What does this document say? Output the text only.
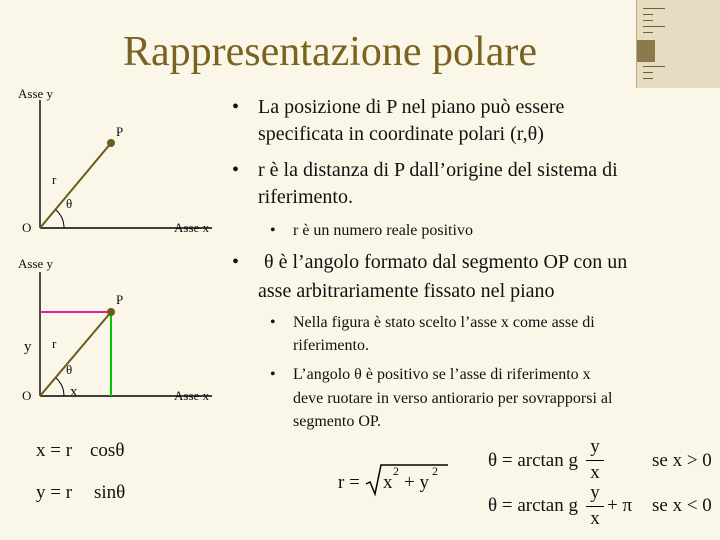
Rappresentazione polare
Asse y
P
r
θ
O	Asse x
Asse y
P
r
y
θ
O	x	Asse x
x = r cosθ
y = r sinθ
• La posizione di P nel piano può essere
specificata in coordinate polari (r,θ)
• r è la distanza di P dall’origine del sistema di
riferimento.
• r è un numero reale positivo
• θ è l’angolo formato dal segmento OP con un
asse arbitrariamente fissato nel piano
• Nella figura è stato scelto l’asse x come asse di
riferimento.
• L’angolo θ è positivo se l’asse di riferimento x
deve ruotare in verso antiorario per sovrapporsi al
segmento OP.
r = x
2
+ y
2	θ = arctan g
y
x
se x > 0
θ = arctan g
y
x
+ π se x < 0
